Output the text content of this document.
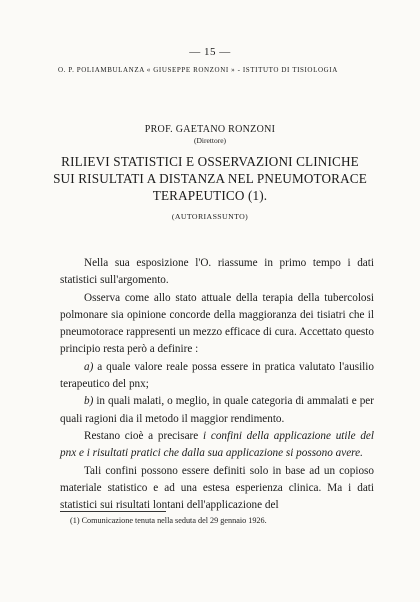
— 15 —
O. P. POLIAMBULANZA « GIUSEPPE RONZONI » - ISTITUTO DI TISIOLOGIA
PROF. GAETANO RONZONI
(Direttore)
RILIEVI STATISTICI E OSSERVAZIONI CLINICHE
SUI RISULTATI A DISTANZA NEL PNEUMOTORACE
TERAPEUTICO (1).
(AUTORIASSUNTO)

Nella sua esposizione l'O. riassume in primo tempo i dati statistici sull'argomento.

Osserva come allo stato attuale della terapia della tubercolosi polmonare sia opinione concorde della maggioranza dei tisiatri che il pneumotorace rappresenti un mezzo efficace di cura. Accettato questo principio resta però a definire :

a) a quale valore reale possa essere in pratica valutato l'ausilio terapeutico del pnx;

b) in quali malati, o meglio, in quale categoria di ammalati e per quali ragioni dia il metodo il maggior rendimento.

Restano cioè a precisare i confini della applicazione utile del pnx e i risultati pratici che dalla sua applicazione si possono avere.

Tali confini possono essere definiti solo in base ad un copioso materiale statistico e ad una estesa esperienza clinica. Ma i dati statistici sui risultati lontani dell'applicazione del

(1) Comunicazione tenuta nella seduta del 29 gennaio 1926.
